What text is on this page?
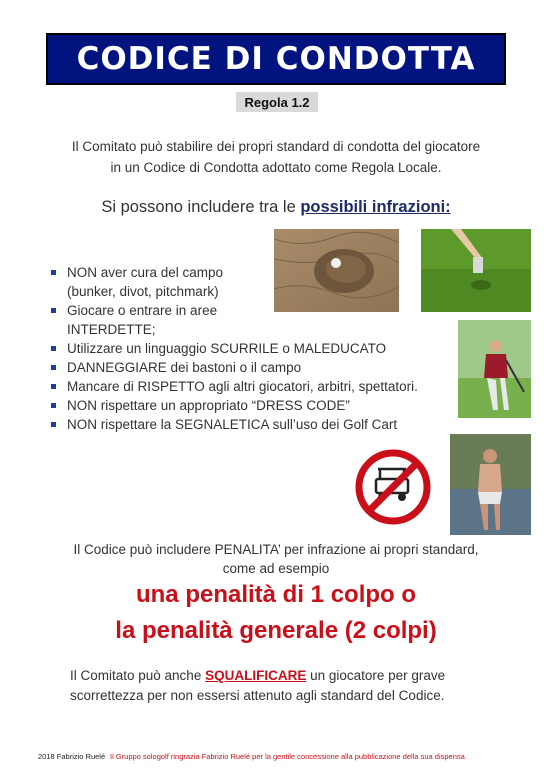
CODICE DI CONDOTTA
Regola 1.2
Il Comitato può stabilire dei propri standard di condotta del giocatore
in un Codice di Condotta adottato come Regola Locale.
Si possono includere tra le possibili infrazioni:
NON aver cura del campo
(bunker, divot, pitchmark)
Giocare o entrare in aree
INTERDETTE;
Utilizzare un linguaggio SCURRILE o MALEDUCATO
DANNEGGIARE dei bastoni o il campo
Mancare di RISPETTO agli altri giocatori, arbitri, spettatori.
NON rispettare un appropriato “DRESS CODE”
NON rispettare la SEGNALETICA sull’uso dei Golf Cart
Il Codice può includere PENALITA’ per infrazione ai propri standard,
come ad esempio
una penalità di 1 colpo o
la penalità generale (2 colpi)
Il Comitato può anche SQUALIFICARE un giocatore per grave
scorrettezza per non essersi attenuto agli standard del Codice.
2018 Fabrizio Ruelé Il Gruppo sologolf ringrazia Fabrizio Ruelé per la gentile concessione alla pubblicazione della sua dispensa
